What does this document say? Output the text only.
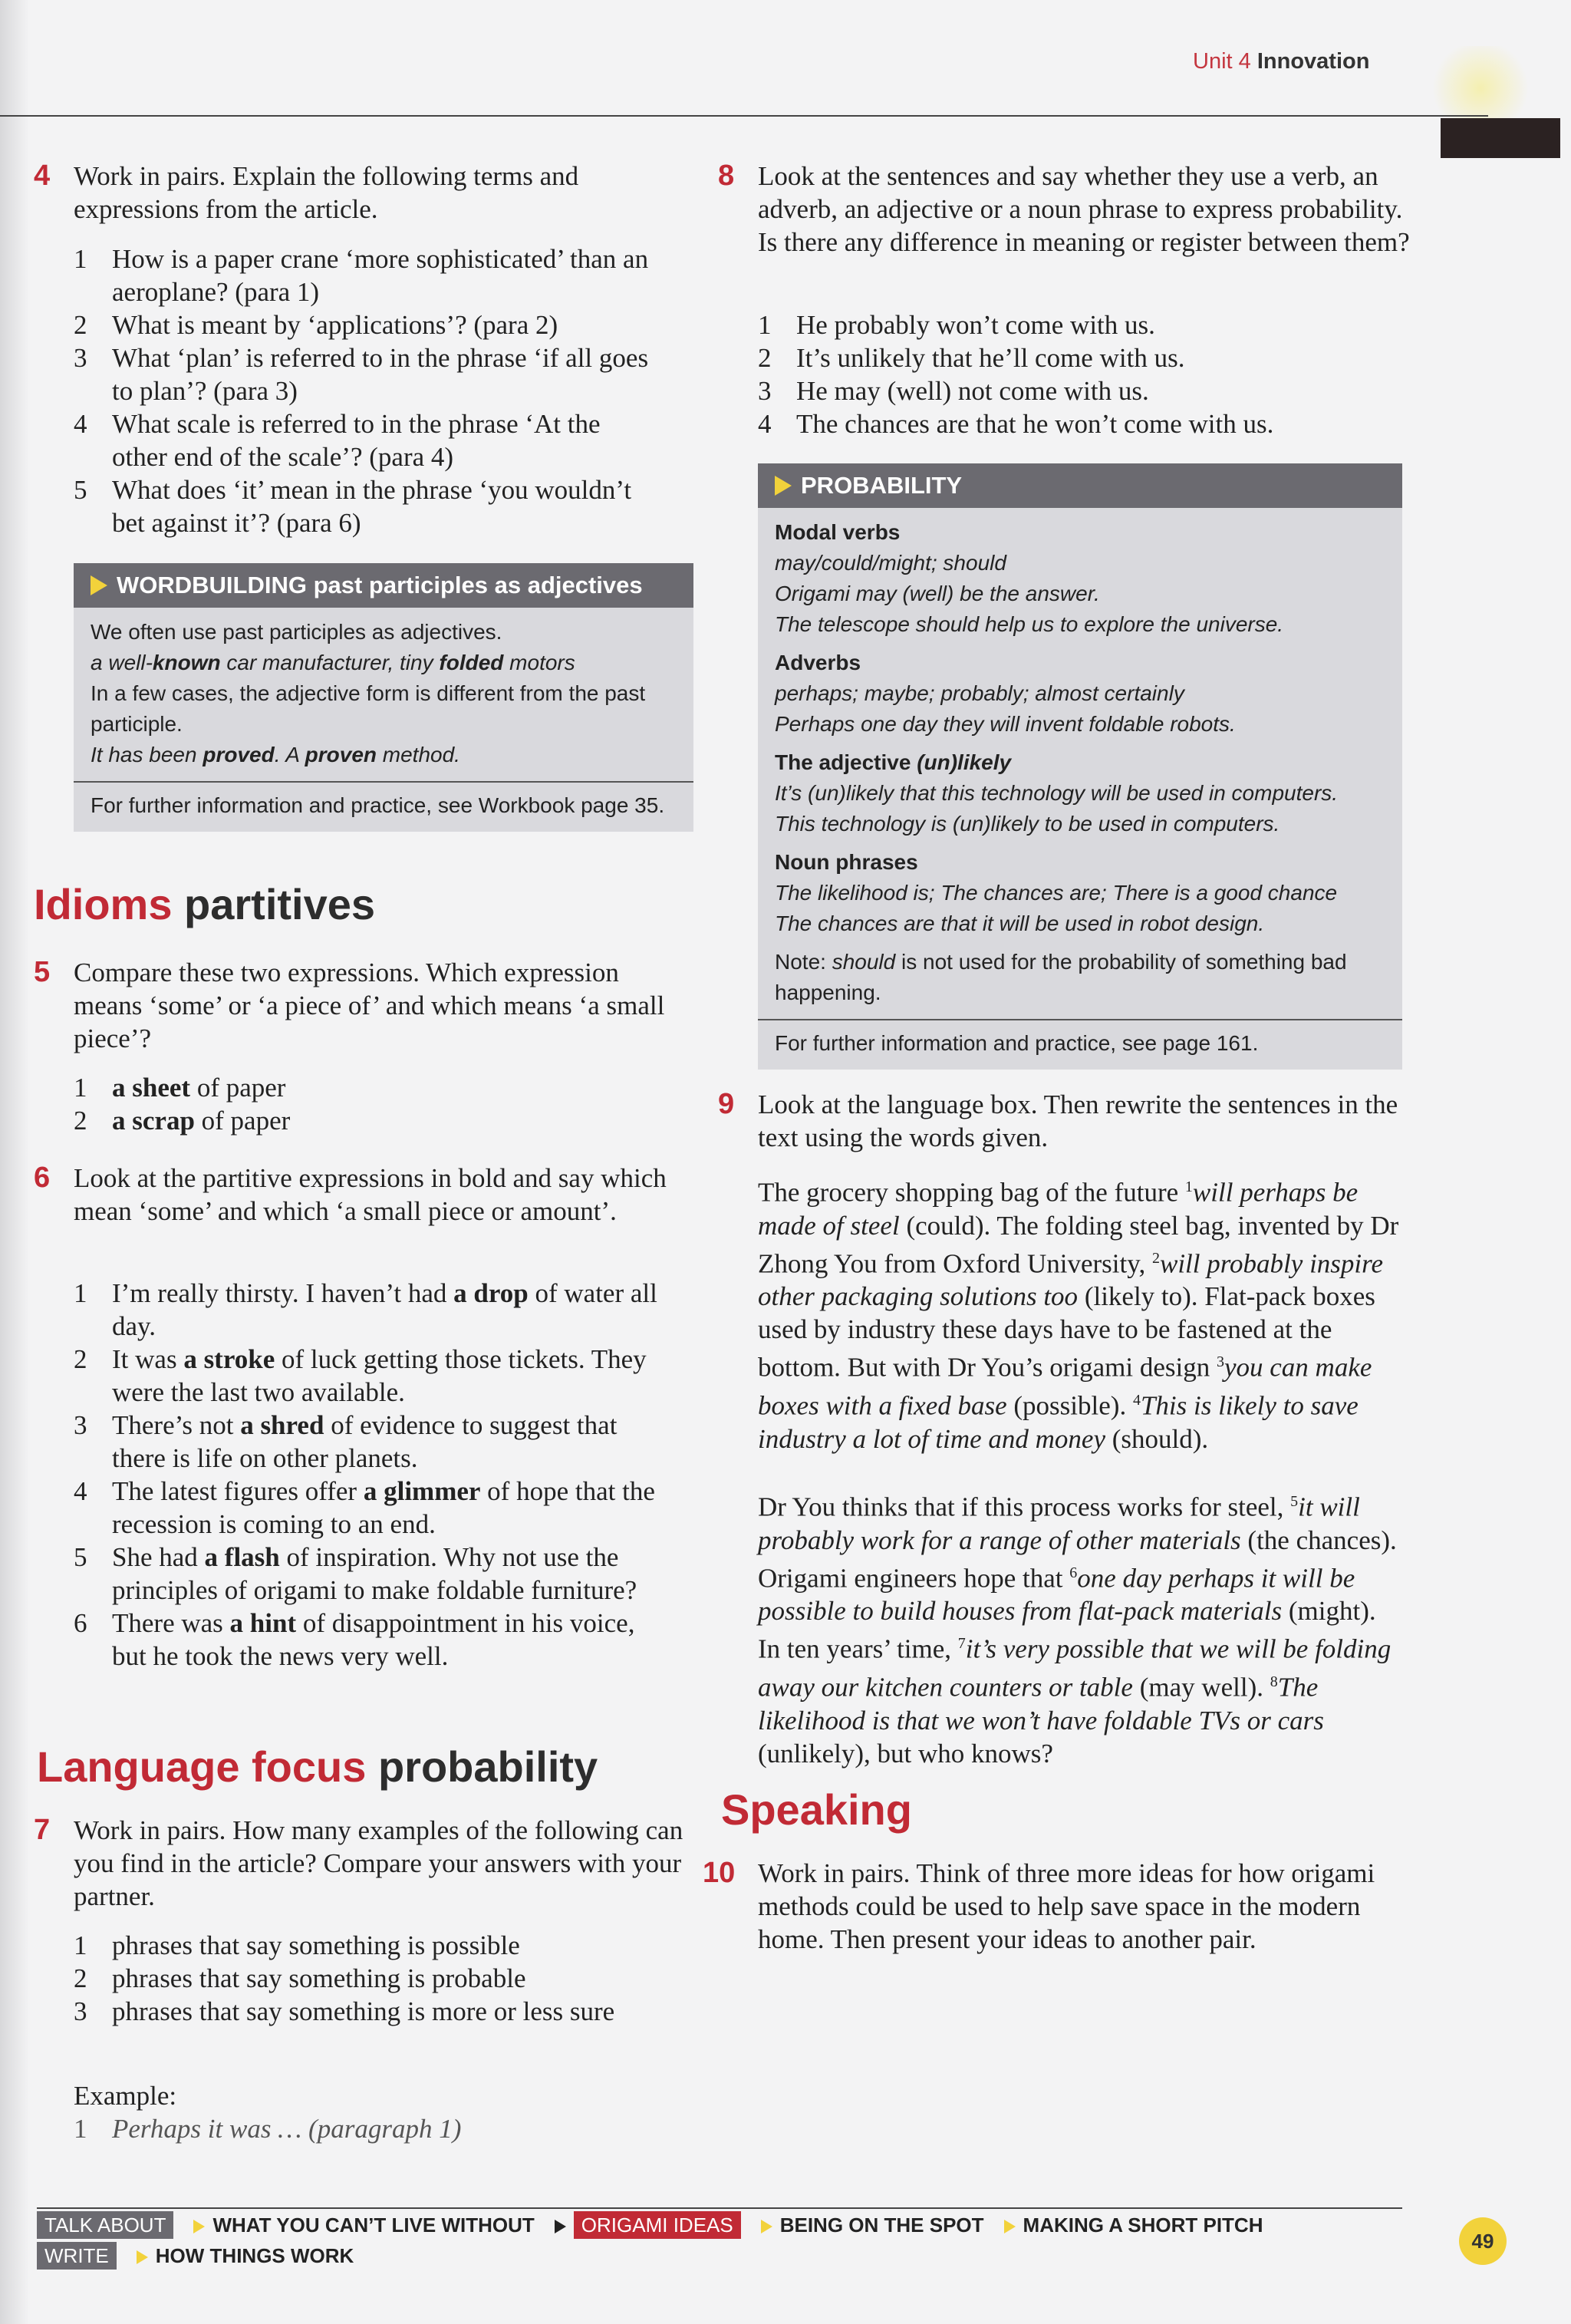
Unit 4 Innovation
4 Work in pairs. Explain the following terms and expressions from the article.
1 How is a paper crane ‘more sophisticated’ than an aeroplane? (para 1)
2 What is meant by ‘applications’? (para 2)
3 What ‘plan’ is referred to in the phrase ‘if all goes to plan’? (para 3)
4 What scale is referred to in the phrase ‘At the other end of the scale’? (para 4)
5 What does ‘it’ mean in the phrase ‘you wouldn’t bet against it’? (para 6)
WORDBUILDING past participles as adjectives
We often use past participles as adjectives.
a well-known car manufacturer, tiny folded motors
In a few cases, the adjective form is different from the past participle.
It has been proved. A proven method.
For further information and practice, see Workbook page 35.
Idioms partitives
5 Compare these two expressions. Which expression means ‘some’ or ‘a piece of’ and which means ‘a small piece’?
1 a sheet of paper
2 a scrap of paper
6 Look at the partitive expressions in bold and say which mean ‘some’ and which ‘a small piece or amount’.
1 I’m really thirsty. I haven’t had a drop of water all day.
2 It was a stroke of luck getting those tickets. They were the last two available.
3 There’s not a shred of evidence to suggest that there is life on other planets.
4 The latest figures offer a glimmer of hope that the recession is coming to an end.
5 She had a flash of inspiration. Why not use the principles of origami to make foldable furniture?
6 There was a hint of disappointment in his voice, but he took the news very well.
Language focus probability
7 Work in pairs. How many examples of the following can you find in the article? Compare your answers with your partner.
1 phrases that say something is possible
2 phrases that say something is probable
3 phrases that say something is more or less sure
Example:
1 Perhaps it was … (paragraph 1)
8 Look at the sentences and say whether they use a verb, an adverb, an adjective or a noun phrase to express probability. Is there any difference in meaning or register between them?
1 He probably won’t come with us.
2 It’s unlikely that he’ll come with us.
3 He may (well) not come with us.
4 The chances are that he won’t come with us.
PROBABILITY
Modal verbs
may/could/might; should
Origami may (well) be the answer.
The telescope should help us to explore the universe.
Adverbs
perhaps; maybe; probably; almost certainly
Perhaps one day they will invent foldable robots.
The adjective (un)likely
It’s (un)likely that this technology will be used in computers.
This technology is (un)likely to be used in computers.
Noun phrases
The likelihood is; The chances are; There is a good chance
The chances are that it will be used in robot design.
Note: should is not used for the probability of something bad happening.
For further information and practice, see page 161.
9 Look at the language box. Then rewrite the sentences in the text using the words given.
The grocery shopping bag of the future $^1$will perhaps be made of steel (could). The folding steel bag, invented by Dr Zhong You from Oxford University, $^2$will probably inspire other packaging solutions too (likely to). Flat-pack boxes used by industry these days have to be fastened at the bottom. But with Dr You’s origami design $^3$you can make boxes with a fixed base (possible). $^4$This is likely to save industry a lot of time and money (should).
Dr You thinks that if this process works for steel, $^5$it will probably work for a range of other materials (the chances). Origami engineers hope that $^6$one day perhaps it will be possible to build houses from flat-pack materials (might). In ten years’ time, $^7$it’s very possible that we will be folding away our kitchen counters or table (may well). $^8$The likelihood is that we won’t have foldable TVs or cars (unlikely), but who knows?
Speaking
10 Work in pairs. Think of three more ideas for how origami methods could be used to help save space in the modern home. Then present your ideas to another pair.
TALK ABOUT WHAT YOU CAN’T LIVE WITHOUT ORIGAMI IDEAS BEING ON THE SPOT MAKING A SHORT PITCH
WRITE HOW THINGS WORK
49
